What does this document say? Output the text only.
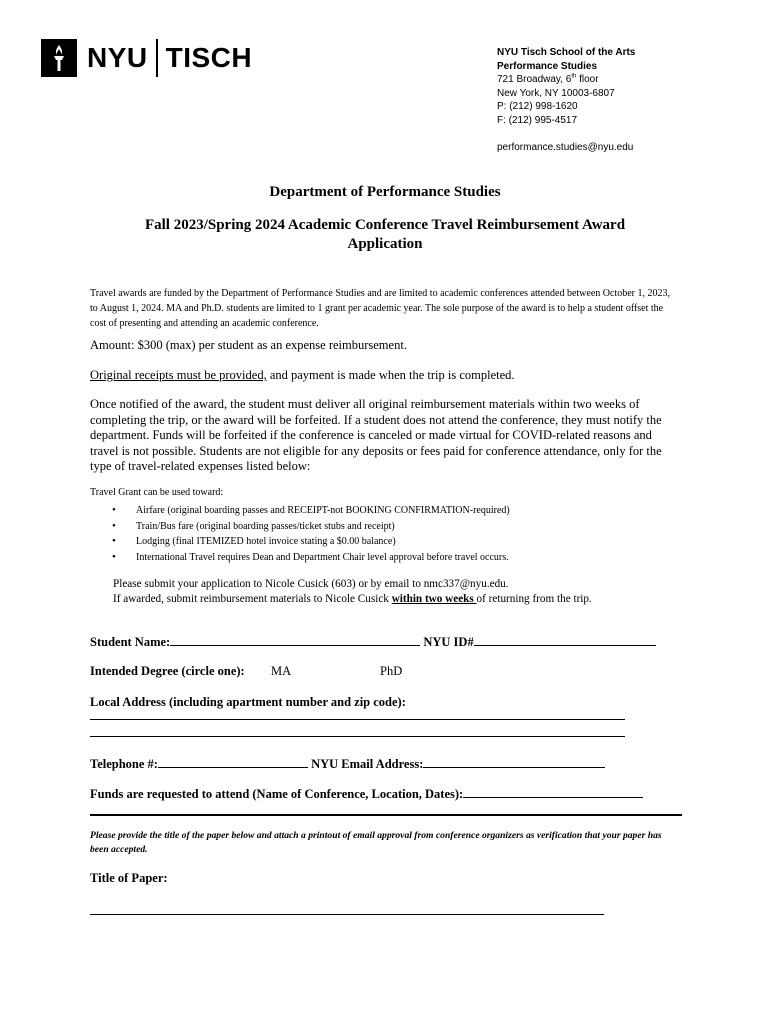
NYU TISCH	NYU Tisch School of the Arts
Performance Studies
721 Broadway, 6th floor
New York, NY 10003-6807
P: (212) 998-1620
F: (212) 995-4517
performance.studies@nyu.edu
Department of Performance Studies
Fall 2023/Spring 2024 Academic Conference Travel Reimbursement Award
Application
Travel awards are funded by the Department of Performance Studies and are limited to academic conferences attended between October 1, 2023, to August 1, 2024. MA and Ph.D. students are limited to 1 grant per academic year. The sole purpose of the award is to help a student offset the cost of presenting and attending an academic conference.
Amount: $300 (max) per student as an expense reimbursement.
Original receipts must be provided, and payment is made when the trip is completed.
Once notified of the award, the student must deliver all original reimbursement materials within two weeks of completing the trip, or the award will be forfeited. If a student does not attend the conference, they must notify the department. Funds will be forfeited if the conference is canceled or made virtual for COVID-related reasons and travel is not possible. Students are not eligible for any deposits or fees paid for conference attendance, only for the type of travel-related expenses listed below:
Travel Grant can be used toward:
• Airfare (original boarding passes and RECEIPT-not BOOKING CONFIRMATION-required)
• Train/Bus fare (original boarding passes/ticket stubs and receipt)
• Lodging (final ITEMIZED hotel invoice stating a $0.00 balance)
• International Travel requires Dean and Department Chair level approval before travel occurs.
Please submit your application to Nicole Cusick (603) or by email to nmc337@nyu.edu.
If awarded, submit reimbursement materials to Nicole Cusick within two weeks of returning from the trip.
Student Name:	NYU ID#
Intended Degree (circle one): MA	PhD
Local Address (including apartment number and zip code):
Telephone #:	NYU Email Address:
Funds are requested to attend (Name of Conference, Location, Dates):
Please provide the title of the paper below and attach a printout of email approval from conference organizers as verification that your paper has been accepted.
Title of Paper:
